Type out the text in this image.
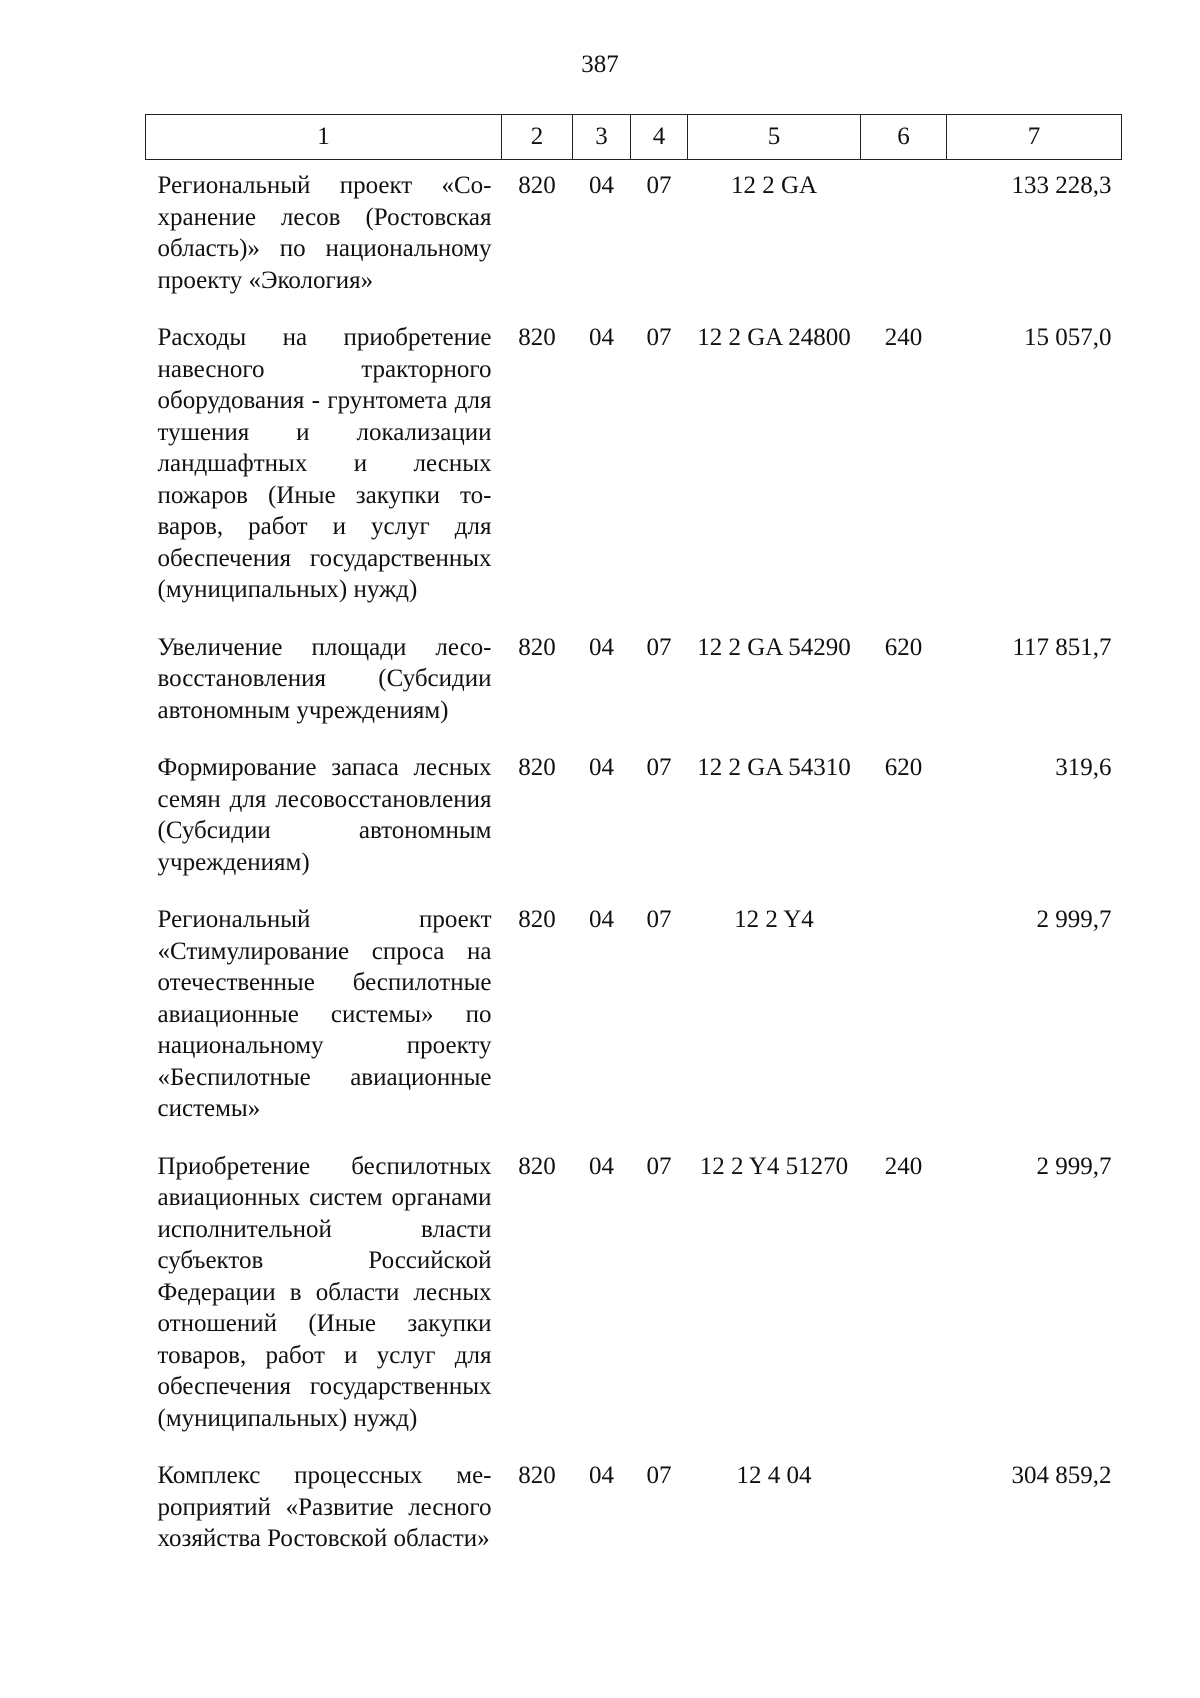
387
1	2	3	4	5	6	7
Региональный проект «Сохранение лесов (Ростовская область)» по национальному проекту «Экология»	820	04	07	12 2 GA		133 228,3
Расходы на приобретение навесного тракторного оборудования - грунтомета для тушения и локализации ландшафтных и лесных пожаров (Иные закупки товаров, работ и услуг для обеспечения государственных (муниципальных) нужд)	820	04	07	12 2 GA 24800	240	15 057,0
Увеличение площади лесовосстановления (Субсидии автономным учреждениям)	820	04	07	12 2 GA 54290	620	117 851,7
Формирование запаса лесных семян для лесовосстановления (Субсидии автономным учреждениям)	820	04	07	12 2 GA 54310	620	319,6
Региональный проект «Стимулирование спроса на отечественные беспилотные авиационные системы» по национальному проекту «Беспилотные авиационные системы»	820	04	07	12 2 Y4		2 999,7
Приобретение беспилотных авиационных систем органами исполнительной власти субъектов Российской Федерации в области лесных отношений (Иные закупки товаров, работ и услуг для обеспечения государственных (муниципальных) нужд)	820	04	07	12 2 Y4 51270	240	2 999,7
Комплекс процессных мероприятий «Развитие лесного хозяйства Ростовской области»	820	04	07	12 4 04		304 859,2
